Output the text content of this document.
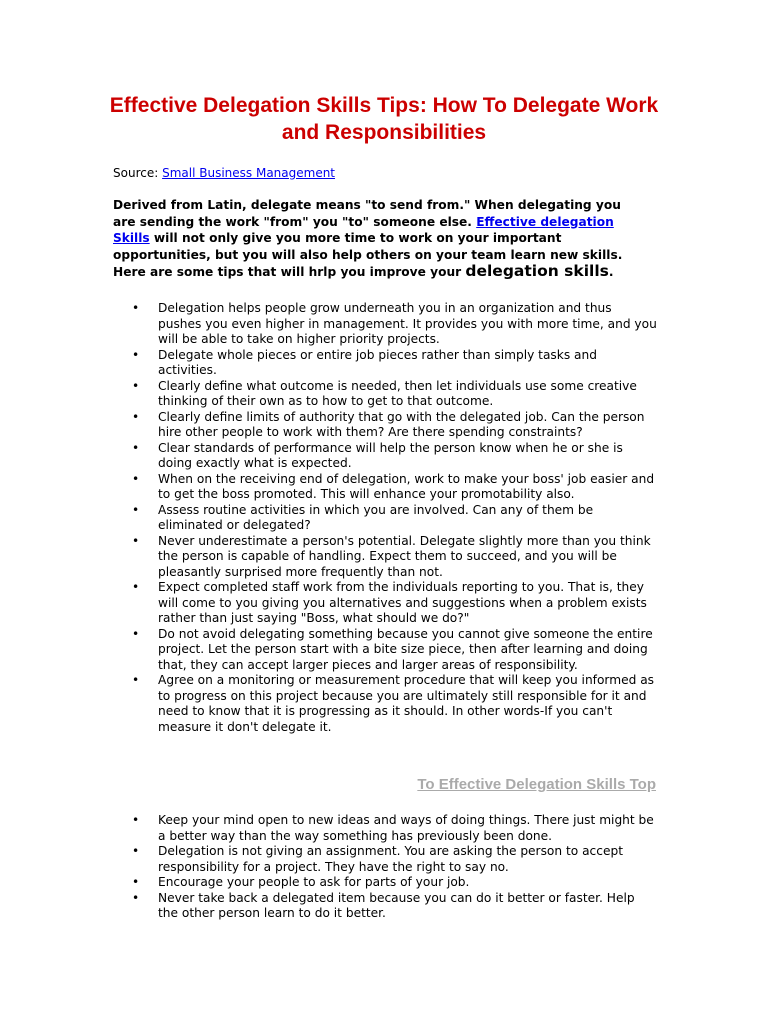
Effective Delegation Skills Tips: How To Delegate Work and Responsibilities
Source: Small Business Management

Derived from Latin, delegate means "to send from." When delegating you are sending the work "from" you "to" someone else. Effective delegation Skills will not only give you more time to work on your important opportunities, but you will also help others on your team learn new skills. Here are some tips that will hrlp you improve your delegation skills.

• Delegation helps people grow underneath you in an organization and thus pushes you even higher in management. It provides you with more time, and you will be able to take on higher priority projects.
• Delegate whole pieces or entire job pieces rather than simply tasks and activities.
• Clearly define what outcome is needed, then let individuals use some creative thinking of their own as to how to get to that outcome.
• Clearly define limits of authority that go with the delegated job. Can the person hire other people to work with them? Are there spending constraints?
• Clear standards of performance will help the person know when he or she is doing exactly what is expected.
• When on the receiving end of delegation, work to make your boss' job easier and to get the boss promoted. This will enhance your promotability also.
• Assess routine activities in which you are involved. Can any of them be eliminated or delegated?
• Never underestimate a person's potential. Delegate slightly more than you think the person is capable of handling. Expect them to succeed, and you will be pleasantly surprised more frequently than not.
• Expect completed staff work from the individuals reporting to you. That is, they will come to you giving you alternatives and suggestions when a problem exists rather than just saying "Boss, what should we do?"
• Do not avoid delegating something because you cannot give someone the entire project. Let the person start with a bite size piece, then after learning and doing that, they can accept larger pieces and larger areas of responsibility.
• Agree on a monitoring or measurement procedure that will keep you informed as to progress on this project because you are ultimately still responsible for it and need to know that it is progressing as it should. In other words-If you can't measure it don't delegate it.
To Effective Delegation Skills Top
• Keep your mind open to new ideas and ways of doing things. There just might be a better way than the way something has previously been done.
• Delegation is not giving an assignment. You are asking the person to accept responsibility for a project. They have the right to say no.
• Encourage your people to ask for parts of your job.
• Never take back a delegated item because you can do it better or faster. Help the other person learn to do it better.
